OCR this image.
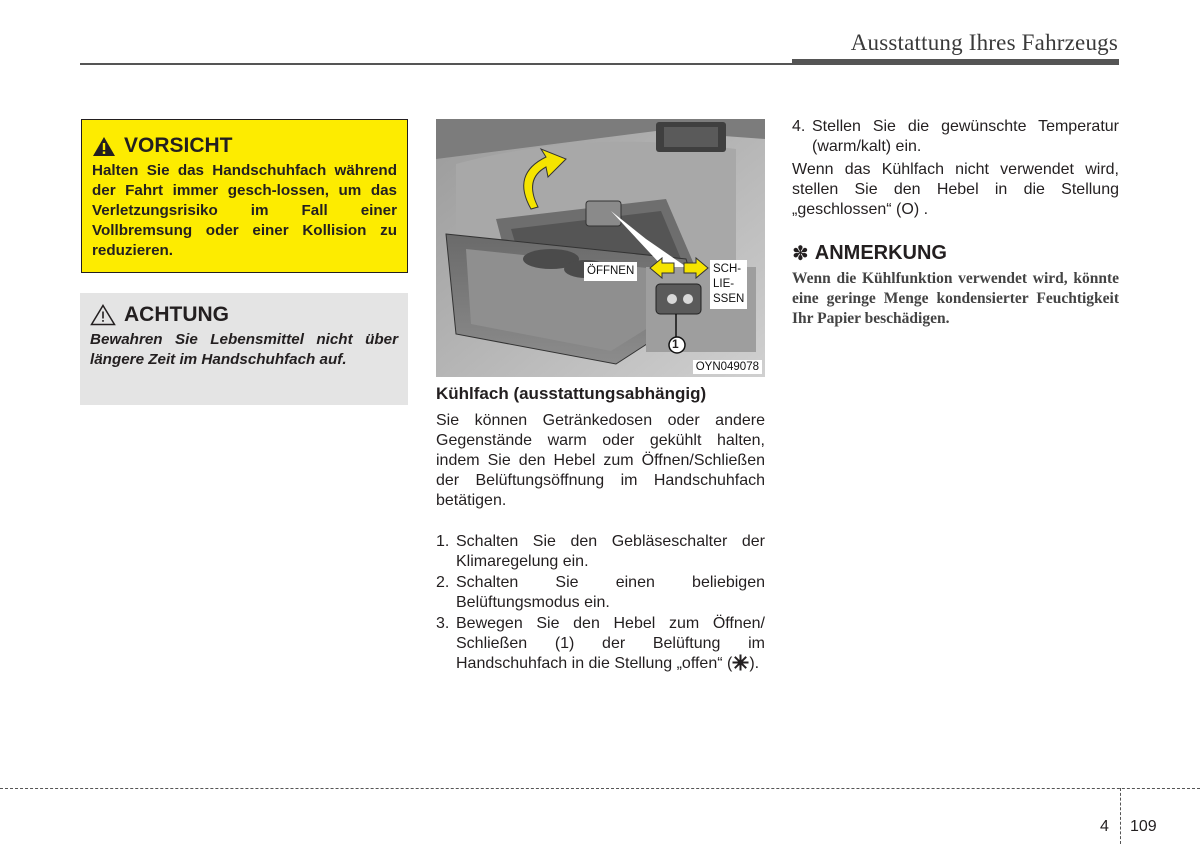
Ausstattung Ihres Fahrzeugs
VORSICHT
Halten Sie das Handschuhfach während der Fahrt immer gesch-lossen, um das Verletzungsrisiko im Fall einer Vollbremsung oder einer Kollision zu reduzieren.
ACHTUNG
Bewahren Sie Lebensmittel nicht über längere Zeit im Handschuhfach auf.
ÖFFNEN	SCH-
LIE-
SSEN
1
OYN049078
Kühlfach (ausstattungsabhängig)
Sie können Getränkedosen oder andere Gegenstände warm oder gekühlt halten, indem Sie den Hebel zum Öffnen/Schließen der Belüftungsöffnung im Handschuhfach betätigen.
1. Schalten Sie den Gebläseschalter der Klimaregelung ein.
2. Schalten Sie einen beliebigen Belüftungsmodus ein.
3. Bewegen Sie den Hebel zum Öffnen/ Schließen (1) der Belüftung im Handschuhfach in die Stellung „offen“ ( ).
4. Stellen Sie die gewünschte Temperatur (warm/kalt) ein.
Wenn das Kühlfach nicht verwendet wird, stellen Sie den Hebel in die Stellung „geschlossen“ (O) .
✽ ANMERKUNG
Wenn die Kühlfunktion verwendet wird, könnte eine geringe Menge kondensierter Feuchtigkeit Ihr Papier beschädigen.
4 109
